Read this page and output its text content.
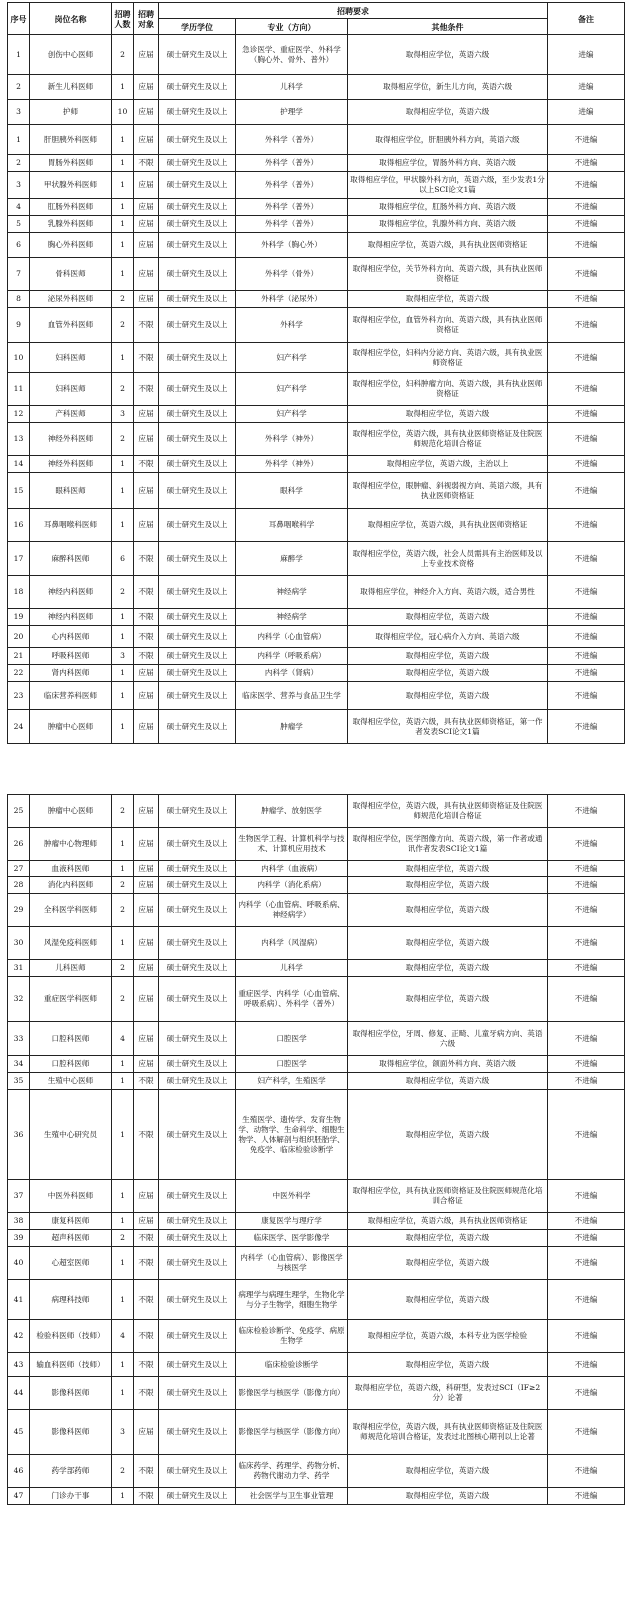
序号	岗位名称	招聘人数	招聘对象	招聘要求			备注
				学历学位	专业（方向）	其他条件	
1	创伤中心医师	2	应届	硕士研究生及以上	急诊医学、重症医学、外科学（胸心外、骨外、普外）	取得相应学位，英语六级	进编
2	新生儿科医师	1	应届	硕士研究生及以上	儿科学	取得相应学位，新生儿方向，英语六级	进编
3	护师	10	应届	硕士研究生及以上	护理学	取得相应学位，英语六级	进编
1	肝胆胰外科医师	1	应届	硕士研究生及以上	外科学（普外）	取得相应学位，肝胆胰外科方向，英语六级	不进编
2	胃肠外科医师	1	不限	硕士研究生及以上	外科学（普外）	取得相应学位，胃肠外科方向、英语六级	不进编
3	甲状腺外科医师	1	应届	硕士研究生及以上	外科学（普外）	取得相应学位，甲状腺外科方向，英语六级，至少发表1分以上SCI论文1篇	不进编
4	肛肠外科医师	1	应届	硕士研究生及以上	外科学（普外）	取得相应学位，肛肠外科方向、英语六级	不进编
5	乳腺外科医师	1	应届	硕士研究生及以上	外科学（普外）	取得相应学位，乳腺外科方向、英语六级	不进编
6	胸心外科医师	1	应届	硕士研究生及以上	外科学（胸心外）	取得相应学位，英语六级，具有执业医师资格证	不进编
7	骨科医师	1	应届	硕士研究生及以上	外科学（骨外）	取得相应学位，关节外科方向、英语六级，具有执业医师资格证	不进编
8	泌尿外科医师	2	应届	硕士研究生及以上	外科学（泌尿外）	取得相应学位，英语六级	不进编
9	血管外科医师	2	不限	硕士研究生及以上	外科学	取得相应学位，血管外科方向、英语六级，具有执业医师资格证	不进编
10	妇科医师	1	不限	硕士研究生及以上	妇产科学	取得相应学位，妇科内分泌方向、英语六级，具有执业医师资格证	不进编
11	妇科医师	2	不限	硕士研究生及以上	妇产科学	取得相应学位，妇科肿瘤方向、英语六级，具有执业医师资格证	不进编
12	产科医师	3	应届	硕士研究生及以上	妇产科学	取得相应学位，英语六级	不进编
13	神经外科医师	2	应届	硕士研究生及以上	外科学（神外）	取得相应学位，英语六级，具有执业医师资格证及住院医师规范化培训合格证	不进编
14	神经外科医师	1	不限	硕士研究生及以上	外科学（神外）	取得相应学位，英语六级，主治以上	不进编
15	眼科医师	1	应届	硕士研究生及以上	眼科学	取得相应学位，眼肿瘤、斜视弱视方向、英语六级，具有执业医师资格证	不进编
16	耳鼻咽喉科医师	1	应届	硕士研究生及以上	耳鼻咽喉科学	取得相应学位，英语六级，具有执业医师资格证	不进编
17	麻醉科医师	6	不限	硕士研究生及以上	麻醉学	取得相应学位，英语六级，社会人员需具有主治医师及以上专业技术资格	不进编
18	神经内科医师	2	不限	硕士研究生及以上	神经病学	取得相应学位，神经介入方向、英语六级，适合男性	不进编
19	神经内科医师	1	不限	硕士研究生及以上	神经病学	取得相应学位，英语六级	不进编
20	心内科医师	1	不限	硕士研究生及以上	内科学（心血管病）	取得相应学位，冠心病介入方向、英语六级	不进编
21	呼吸科医师	3	不限	硕士研究生及以上	内科学（呼吸系病）	取得相应学位，英语六级	不进编
22	肾内科医师	1	应届	硕士研究生及以上	内科学（肾病）	取得相应学位，英语六级	不进编
23	临床营养科医师	1	应届	硕士研究生及以上	临床医学、营养与食品卫生学	取得相应学位，英语六级	不进编
24	肿瘤中心医师	1	应届	硕士研究生及以上	肿瘤学	取得相应学位，英语六级，具有执业医师资格证，第一作者发表SCI论文1篇	不进编
25	肿瘤中心医师	2	应届	硕士研究生及以上	肿瘤学、放射医学	取得相应学位，英语六级，具有执业医师资格证及住院医师规范化培训合格证	不进编
26	肿瘤中心物理师	1	应届	硕士研究生及以上	生物医学工程、计算机科学与技术、计算机应用技术	取得相应学位，医学图像方向、英语六级，第一作者或通讯作者发表SCI论文1篇	不进编
27	血液科医师	1	应届	硕士研究生及以上	内科学（血液病）	取得相应学位，英语六级	不进编
28	消化内科医师	2	应届	硕士研究生及以上	内科学（消化系病）	取得相应学位，英语六级	不进编
29	全科医学科医师	2	应届	硕士研究生及以上	内科学（心血管病、呼吸系病、神经病学）	取得相应学位，英语六级	不进编
30	风湿免疫科医师	1	应届	硕士研究生及以上	内科学（风湿病）	取得相应学位，英语六级	不进编
31	儿科医师	2	应届	硕士研究生及以上	儿科学	取得相应学位，英语六级	不进编
32	重症医学科医师	2	应届	硕士研究生及以上	重症医学、内科学（心血管病、呼吸系病）、外科学（普外）	取得相应学位，英语六级	不进编
33	口腔科医师	4	应届	硕士研究生及以上	口腔医学	取得相应学位，牙周、修复、正畸、儿童牙病方向、英语六级	不进编
34	口腔科医师	1	应届	硕士研究生及以上	口腔医学	取得相应学位，颌面外科方向、英语六级	不进编
35	生殖中心医师	1	不限	硕士研究生及以上	妇产科学，生殖医学	取得相应学位，英语六级	不进编
36	生殖中心研究员	1	不限	硕士研究生及以上	生殖医学、遗传学、发育生物学、动物学、生命科学、细胞生物学、人体解剖与组织胚胎学、免疫学、临床检验诊断学	取得相应学位，英语六级	不进编
37	中医外科医师	1	应届	硕士研究生及以上	中医外科学	取得相应学位，具有执业医师资格证及住院医师规范化培训合格证	不进编
38	康复科医师	1	应届	硕士研究生及以上	康复医学与理疗学	取得相应学位，英语六级，具有执业医师资格证	不进编
39	超声科医师	2	不限	硕士研究生及以上	临床医学、医学影像学	取得相应学位，英语六级	不进编
40	心超室医师	1	不限	硕士研究生及以上	内科学（心血管病）、影像医学与核医学	取得相应学位，英语六级	不进编
41	病理科技师	1	不限	硕士研究生及以上	病理学与病理生理学，生物化学与分子生物学，细胞生物学	取得相应学位，英语六级	不进编
42	检验科医师（技师）	4	不限	硕士研究生及以上	临床检验诊断学、免疫学、病原生物学	取得相应学位，英语六级，本科专业为医学检验	不进编
43	输血科医师（技师）	1	不限	硕士研究生及以上	临床检验诊断学	取得相应学位，英语六级	不进编
44	影像科医师	1	不限	硕士研究生及以上	影像医学与核医学（影像方向）	取得相应学位，英语六级，科研型，发表过SCI（IF≥2分）论著	不进编
45	影像科医师	3	应届	硕士研究生及以上	影像医学与核医学（影像方向）	取得相应学位，英语六级，具有执业医师资格证及住院医师规范化培训合格证，发表过北图核心期刊以上论著	不进编
46	药学部药师	2	不限	硕士研究生及以上	临床药学、药理学、药物分析、药物代谢动力学、药学	取得相应学位，英语六级	不进编
47	门诊办干事	1	不限	硕士研究生及以上	社会医学与卫生事业管理	取得相应学位，英语六级	不进编
